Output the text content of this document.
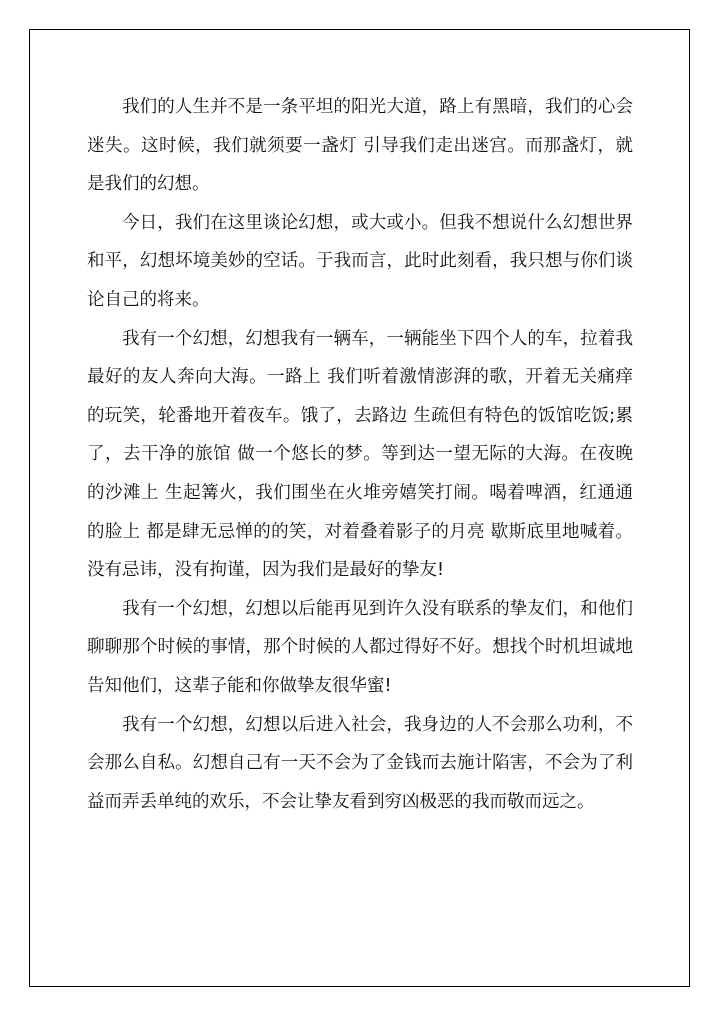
我们的人生并不是一条平坦的阳光大道，路上有黑暗，我们的心会迷失。这时候，我们就须要一盏灯 引导我们走出迷宫。而那盏灯，就是我们的幻想。

今日，我们在这里谈论幻想，或大或小。但我不想说什么幻想世界和平，幻想坏境美妙的空话。于我而言，此时此刻看，我只想与你们谈论自己的将来。

我有一个幻想，幻想我有一辆车，一辆能坐下四个人的车，拉着我最好的友人奔向大海。一路上 我们听着激情澎湃的歌，开着无关痛痒的玩笑，轮番地开着夜车。饿了，去路边 生疏但有特色的饭馆吃饭;累了，去干净的旅馆 做一个悠长的梦。等到达一望无际的大海。在夜晚的沙滩上 生起篝火，我们围坐在火堆旁嬉笑打闹。喝着啤酒，红通通的脸上 都是肆无忌惮的的笑，对着叠着影子的月亮 歇斯底里地喊着。没有忌讳，没有拘谨，因为我们是最好的挚友!

我有一个幻想，幻想以后能再见到许久没有联系的挚友们，和他们聊聊那个时候的事情，那个时候的人都过得好不好。想找个时机坦诚地告知他们，这辈子能和你做挚友很华蜜!

我有一个幻想，幻想以后进入社会，我身边的人不会那么功利，不会那么自私。幻想自己有一天不会为了金钱而去施计陷害，不会为了利益而弄丢单纯的欢乐，不会让挚友看到穷凶极恶的我而敬而远之。
